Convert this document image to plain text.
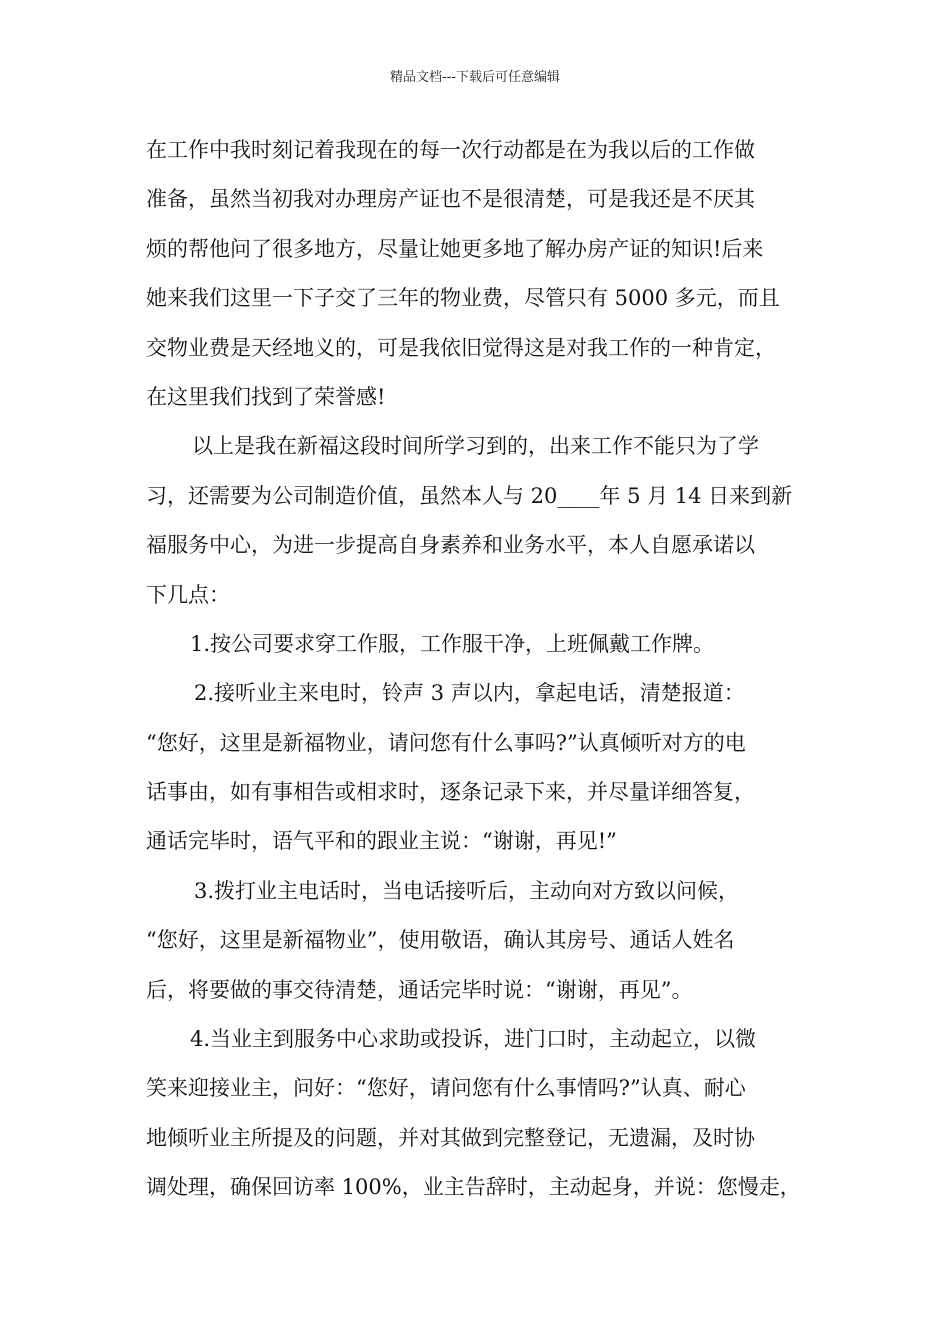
精品文档---下载后可任意编辑
在工作中我时刻记着我现在的每一次行动都是在为我以后的工作做
准备，虽然当初我对办理房产证也不是很清楚，可是我还是不厌其
烦的帮他问了很多地方，尽量让她更多地了解办房产证的知识!后来
她来我们这里一下子交了三年的物业费，尽管只有 5000 多元，而且
交物业费是天经地义的，可是我依旧觉得这是对我工作的一种肯定，
在这里我们找到了荣誉感!
以上是我在新福这段时间所学习到的，出来工作不能只为了学
习，还需要为公司制造价值，虽然本人与 20____年 5 月 14 日来到新
福服务中心，为进一步提高自身素养和业务水平，本人自愿承诺以
下几点：
1.按公司要求穿工作服，工作服干净，上班佩戴工作牌。
2.接听业主来电时，铃声 3 声以内，拿起电话，清楚报道：
“您好，这里是新福物业，请问您有什么事吗?”认真倾听对方的电
话事由，如有事相告或相求时，逐条记录下来，并尽量详细答复，
通话完毕时，语气平和的跟业主说：“谢谢，再见!”
3.拨打业主电话时，当电话接听后，主动向对方致以问候，
“您好，这里是新福物业”，使用敬语，确认其房号、通话人姓名
后，将要做的事交待清楚，通话完毕时说：“谢谢，再见”。
4.当业主到服务中心求助或投诉，进门口时，主动起立，以微
笑来迎接业主，问好：“您好，请问您有什么事情吗?”认真、耐心
地倾听业主所提及的问题，并对其做到完整登记，无遗漏，及时协
调处理，确保回访率 100%，业主告辞时，主动起身，并说：您慢走，
